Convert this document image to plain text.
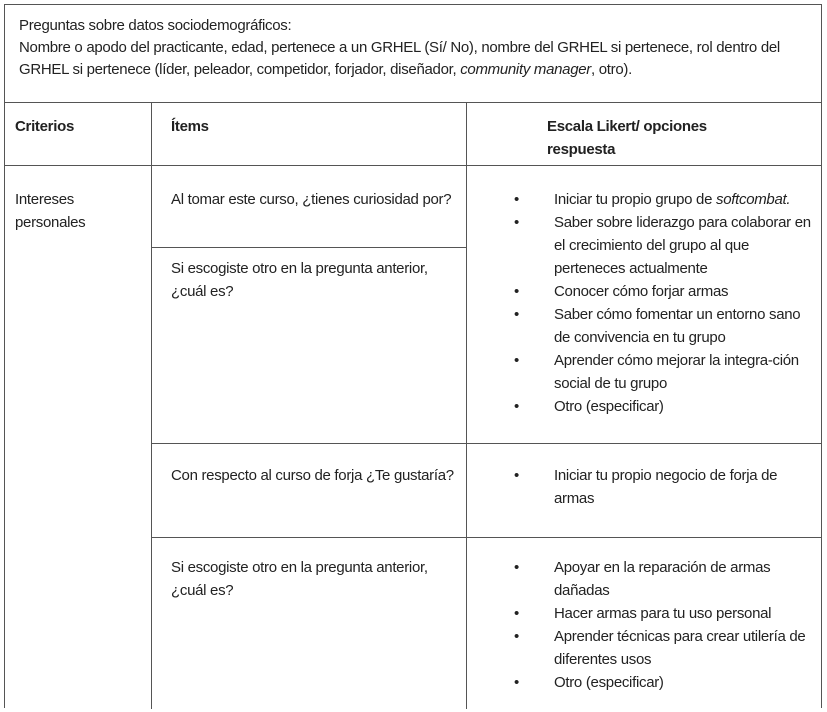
Preguntas sobre datos sociodemográficos:
Nombre o apodo del practicante, edad, pertenece a un GRHEL (Sí/ No), nombre del GRHEL si pertenece, rol dentro del GRHEL si pertenece (líder, peleador, competidor, forjador, diseñador, community manager, otro).
Criterios	Ítems	Escala Likert/ opciones respuesta
Intereses personales
Al tomar este curso, ¿tienes curiosidad por?
Si escogiste otro en la pregunta anterior, ¿cuál es?
• Iniciar tu propio grupo de softcombat.
• Saber sobre liderazgo para colaborar en el crecimiento del grupo al que perteneces actualmente
• Conocer cómo forjar armas
• Saber cómo fomentar un entorno sano de convivencia en tu grupo
• Aprender cómo mejorar la integra-ción social de tu grupo
• Otro (especificar)
Con respecto al curso de forja ¿Te gustaría?
•	Iniciar tu propio negocio de forja de armas
Si escogiste otro en la pregunta anterior, ¿cuál es?
• Apoyar en la reparación de armas dañadas
• Hacer armas para tu uso personal
• Aprender técnicas para crear utilería de diferentes usos
• Otro (especificar)
